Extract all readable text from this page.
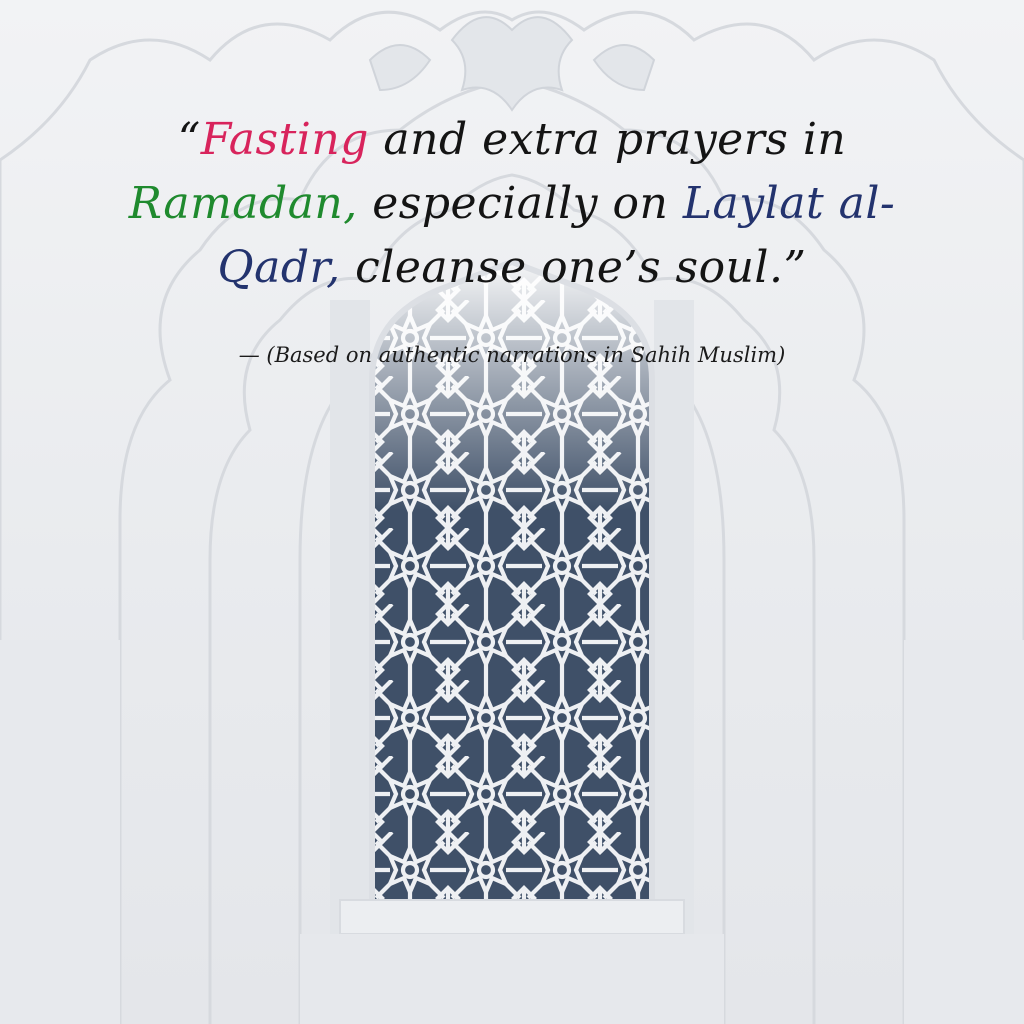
“Fasting and extra prayers in Ramadan, especially on Laylat al-
Qadr, cleanse one’s soul.”

— (Based on authentic narrations in Sahih Muslim)
